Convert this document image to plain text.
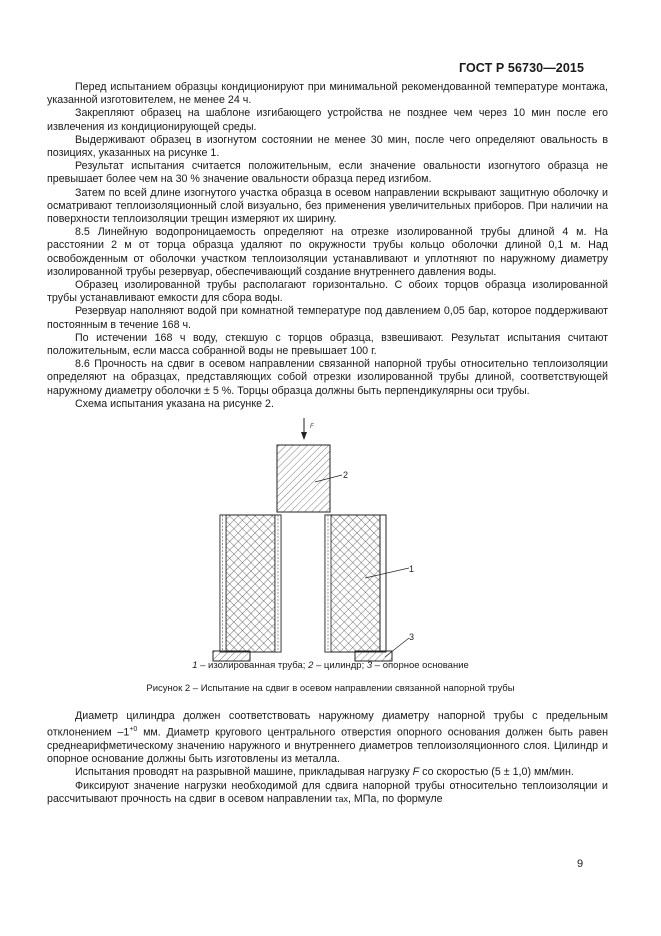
ГОСТ Р 56730—2015

Перед испытанием образцы кондиционируют при минимальной рекомендованной температуре монтажа, указанной изготовителем, не менее 24 ч.

Закрепляют образец на шаблоне изгибающего устройства не позднее чем через 10 мин после его извлечения из кондиционирующей среды.

Выдерживают образец в изогнутом состоянии не менее 30 мин, после чего определяют овальность в позициях, указанных на рисунке 1.

Результат испытания считается положительным, если значение овальности изогнутого образца не превышает более чем на 30 % значение овальности образца перед изгибом.

Затем по всей длине изогнутого участка образца в осевом направлении вскрывают защитную оболочку и осматривают теплоизоляционный слой визуально, без применения увеличительных приборов. При наличии на поверхности теплоизоляции трещин измеряют их ширину.

8.5 Линейную водопроницаемость определяют на отрезке изолированной трубы длиной 4 м. На расстоянии 2 м от торца образца удаляют по окружности трубы кольцо оболочки длиной 0,1 м. Над освобожденным от оболочки участком теплоизоляции устанавливают и уплотняют по наружному диаметру изолированной трубы резервуар, обеспечивающий создание внутреннего давления воды.

Образец изолированной трубы располагают горизонтально. С обоих торцов образца изолированной трубы устанавливают емкости для сбора воды.

Резервуар наполняют водой при комнатной температуре под давлением 0,05 бар, которое поддерживают постоянным в течение 168 ч.

По истечении 168 ч воду, стекшую с торцов образца, взвешивают. Результат испытания считают положительным, если масса собранной воды не превышает 100 г.

8.6 Прочность на сдвиг в осевом направлении связанной напорной трубы относительно теплоизоляции определяют на образцах, представляющих собой отрезки изолированной трубы длиной, соответствующей наружному диаметру оболочки ± 5 %. Торцы образца должны быть перпендикулярны оси трубы.

Схема испытания указана на рисунке 2.

F
2
1
3
1 – изолированная труба; 2 – цилиндр; 3 – опорное основание
Рисунок 2 – Испытание на сдвиг в осевом направлении связанной напорной трубы

Диаметр цилиндра должен соответствовать наружному диаметру напорной трубы с предельным отклонением $-1^{+0}$ мм. Диаметр кругового центрального отверстия опорного основания должен быть равен среднеарифметическому значению наружного и внутреннего диаметров теплоизоляционного слоя. Цилиндр и опорное основание должны быть изготовлены из металла.

Испытания проводят на разрывной машине, прикладывая нагрузку F со скоростью (5 ± 1,0) мм/мин.

Фиксируют значение нагрузки необходимой для сдвига напорной трубы относительно теплоизоляции и рассчитывают прочность на сдвиг в осевом направлении τax, МПа, по формуле

9
